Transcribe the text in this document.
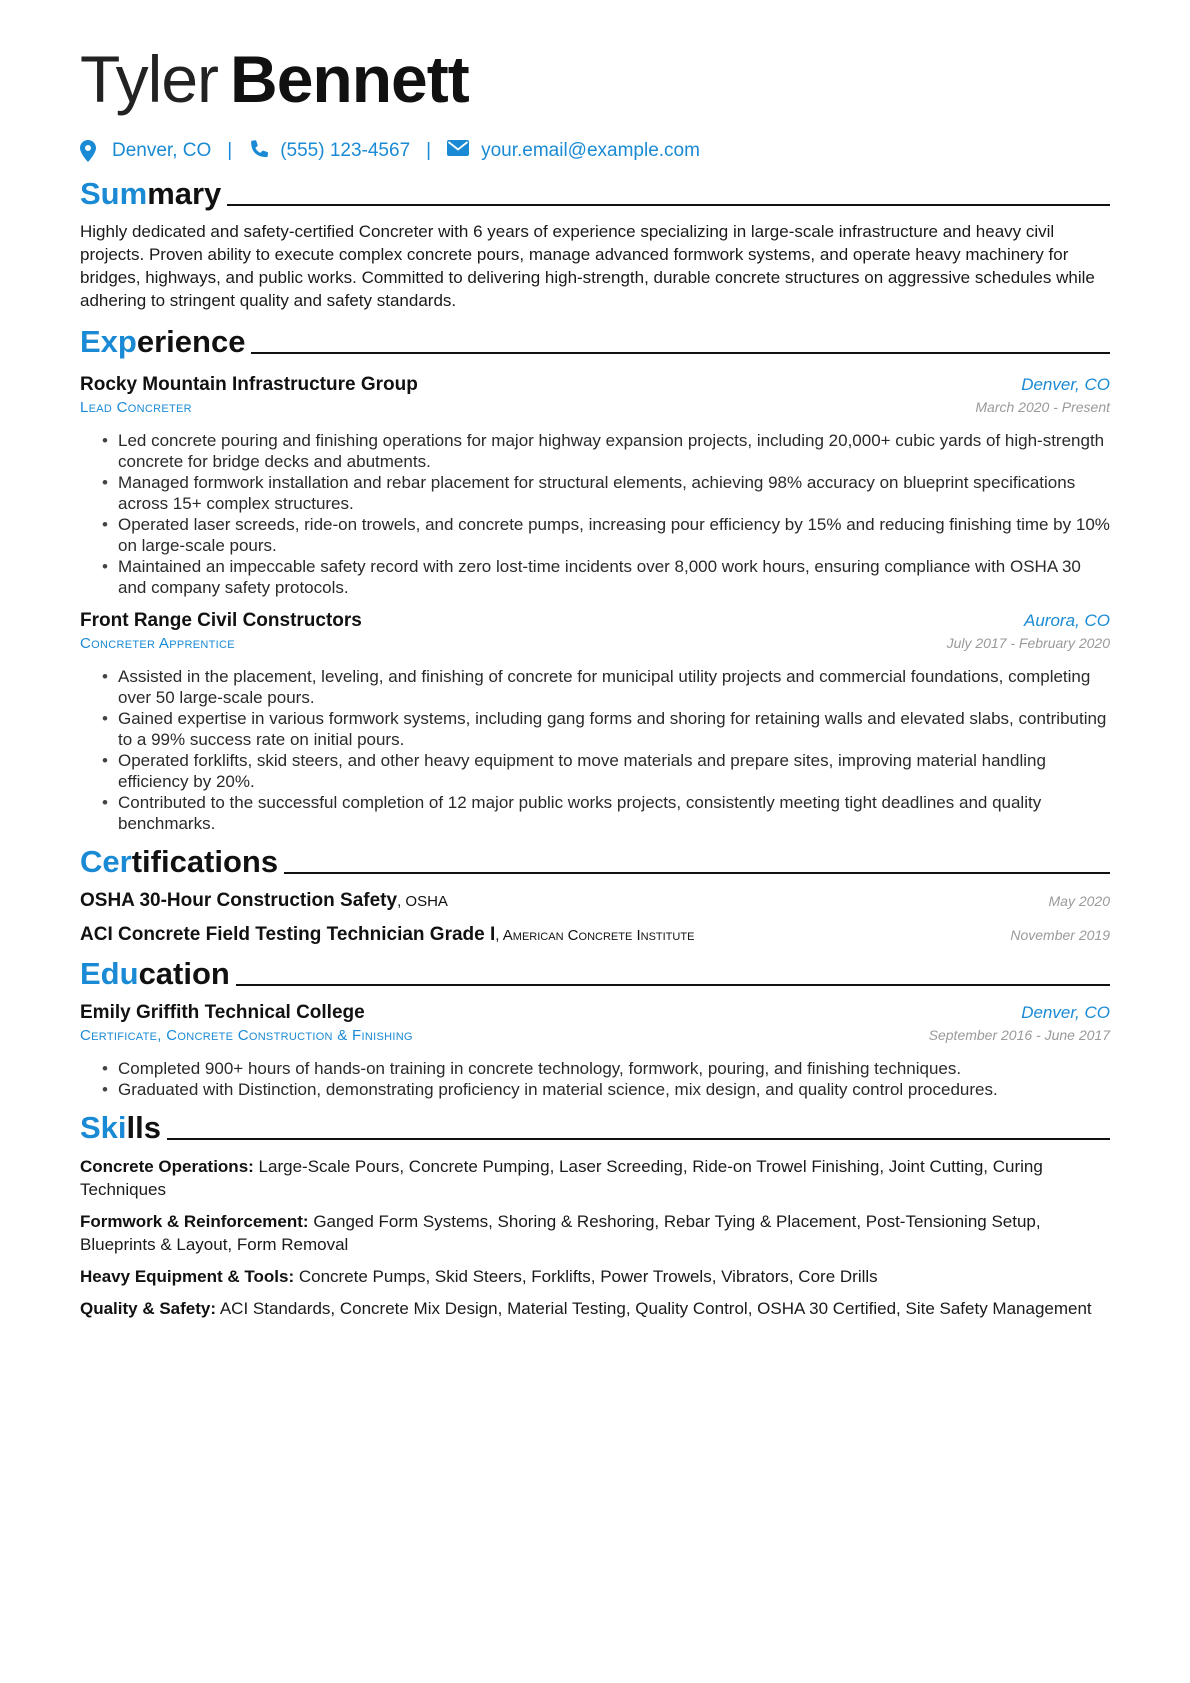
Tyler Bennett
Denver, CO |	(555) 123-4567 |	your.email@example.com
Summary

Highly dedicated and safety-certified Concreter with 6 years of experience specializing in large-scale infrastructure and heavy civil projects. Proven ability to execute complex concrete pours, manage advanced formwork systems, and operate heavy machinery for bridges, highways, and public works. Committed to delivering high-strength, durable concrete structures on aggressive schedules while adhering to stringent quality and safety standards.

Experience
Rocky Mountain Infrastructure Group	Denver, CO
Lead Concreter	March 2020 - Present
• Led concrete pouring and finishing operations for major highway expansion projects, including 20,000+ cubic yards of high-strength concrete for bridge decks and abutments.
• Managed formwork installation and rebar placement for structural elements, achieving 98% accuracy on blueprint specifications across 15+ complex structures.
• Operated laser screeds, ride-on trowels, and concrete pumps, increasing pour efficiency by 15% and reducing finishing time by 10% on large-scale pours.
• Maintained an impeccable safety record with zero lost-time incidents over 8,000 work hours, ensuring compliance with OSHA 30 and company safety protocols.
Front Range Civil Constructors	Aurora, CO
Concreter Apprentice	July 2017 - February 2020
• Assisted in the placement, leveling, and finishing of concrete for municipal utility projects and commercial foundations, completing over 50 large-scale pours.
• Gained expertise in various formwork systems, including gang forms and shoring for retaining walls and elevated slabs, contributing to a 99% success rate on initial pours.
• Operated forklifts, skid steers, and other heavy equipment to move materials and prepare sites, improving material handling efficiency by 20%.
• Contributed to the successful completion of 12 major public works projects, consistently meeting tight deadlines and quality benchmarks.
Certifications
OSHA 30-Hour Construction Safety, OSHA	May 2020
ACI Concrete Field Testing Technician Grade I, American Concrete Institute	November 2019
Education
Emily Griffith Technical College	Denver, CO
Certificate, Concrete Construction & Finishing	September 2016 - June 2017
• Completed 900+ hours of hands-on training in concrete technology, formwork, pouring, and finishing techniques.
• Graduated with Distinction, demonstrating proficiency in material science, mix design, and quality control procedures.
Skills

Concrete Operations: Large-Scale Pours, Concrete Pumping, Laser Screeding, Ride-on Trowel Finishing, Joint Cutting, Curing Techniques

Formwork & Reinforcement: Ganged Form Systems, Shoring & Reshoring, Rebar Tying & Placement, Post-Tensioning Setup, Blueprints & Layout, Form Removal

Heavy Equipment & Tools: Concrete Pumps, Skid Steers, Forklifts, Power Trowels, Vibrators, Core Drills

Quality & Safety: ACI Standards, Concrete Mix Design, Material Testing, Quality Control, OSHA 30 Certified, Site Safety Management
